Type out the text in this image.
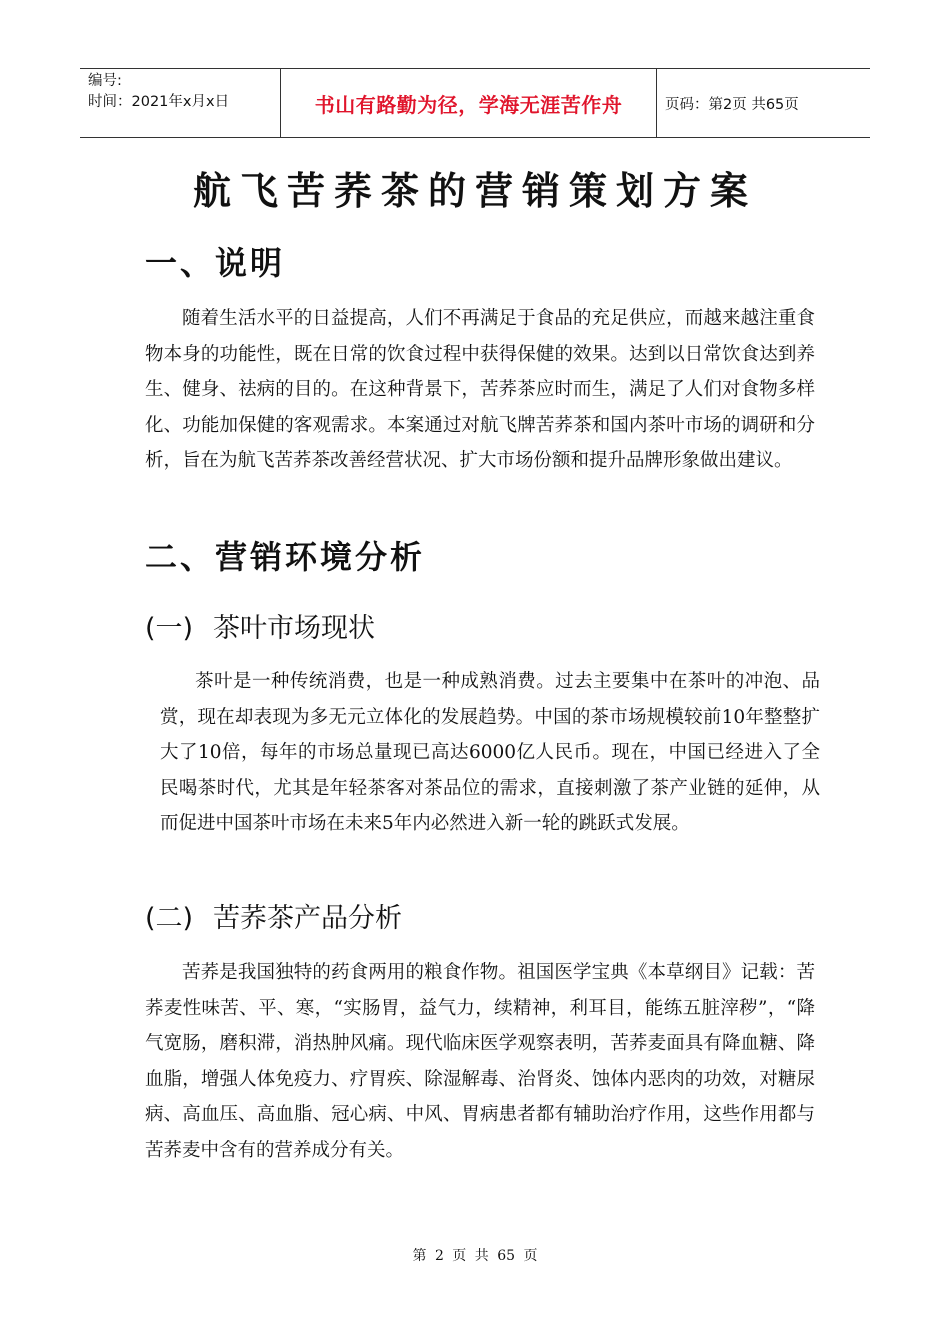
编号:
时间：2021年x月x日	书山有路勤为径，学海无涯苦作舟	页码：第2页 共65页
航飞苦荞茶的营销策划方案
一、说明

随着生活水平的日益提高，人们不再满足于食品的充足供应，而越来越注重食物本身的功能性，既在日常的饮食过程中获得保健的效果。达到以日常饮食达到养生、健身、祛病的目的。在这种背景下，苦荞茶应时而生，满足了人们对食物多样化、功能加保健的客观需求。本案通过对航飞牌苦荞茶和国内茶叶市场的调研和分析，旨在为航飞苦荞茶改善经营状况、扩大市场份额和提升品牌形象做出建议。

二、营销环境分析
(一) 茶叶市场现状

茶叶是一种传统消费，也是一种成熟消费。过去主要集中在茶叶的冲泡、品赏，现在却表现为多无元立体化的发展趋势。中国的茶市场规模较前10年整整扩大了10倍，每年的市场总量现已高达6000亿人民币。现在，中国已经进入了全民喝茶时代，尤其是年轻茶客对茶品位的需求，直接刺激了茶产业链的延伸，从而促进中国茶叶市场在未来5年内必然进入新一轮的跳跃式发展。

(二) 苦荞茶产品分析

苦荞是我国独特的药食两用的粮食作物。祖国医学宝典《本草纲目》记载：苦荞麦性味苦、平、寒，“实肠胃，益气力，续精神，利耳目，能练五脏滓秽”，“降气宽肠，磨积滞，消热肿风痛。现代临床医学观察表明，苦荞麦面具有降血糖、降血脂，增强人体免疫力、疗胃疾、除湿解毒、治肾炎、蚀体内恶肉的功效，对糖尿病、高血压、高血脂、冠心病、中风、胃病患者都有辅助治疗作用，这些作用都与苦荞麦中含有的营养成分有关。

第 2 页 共 65 页
